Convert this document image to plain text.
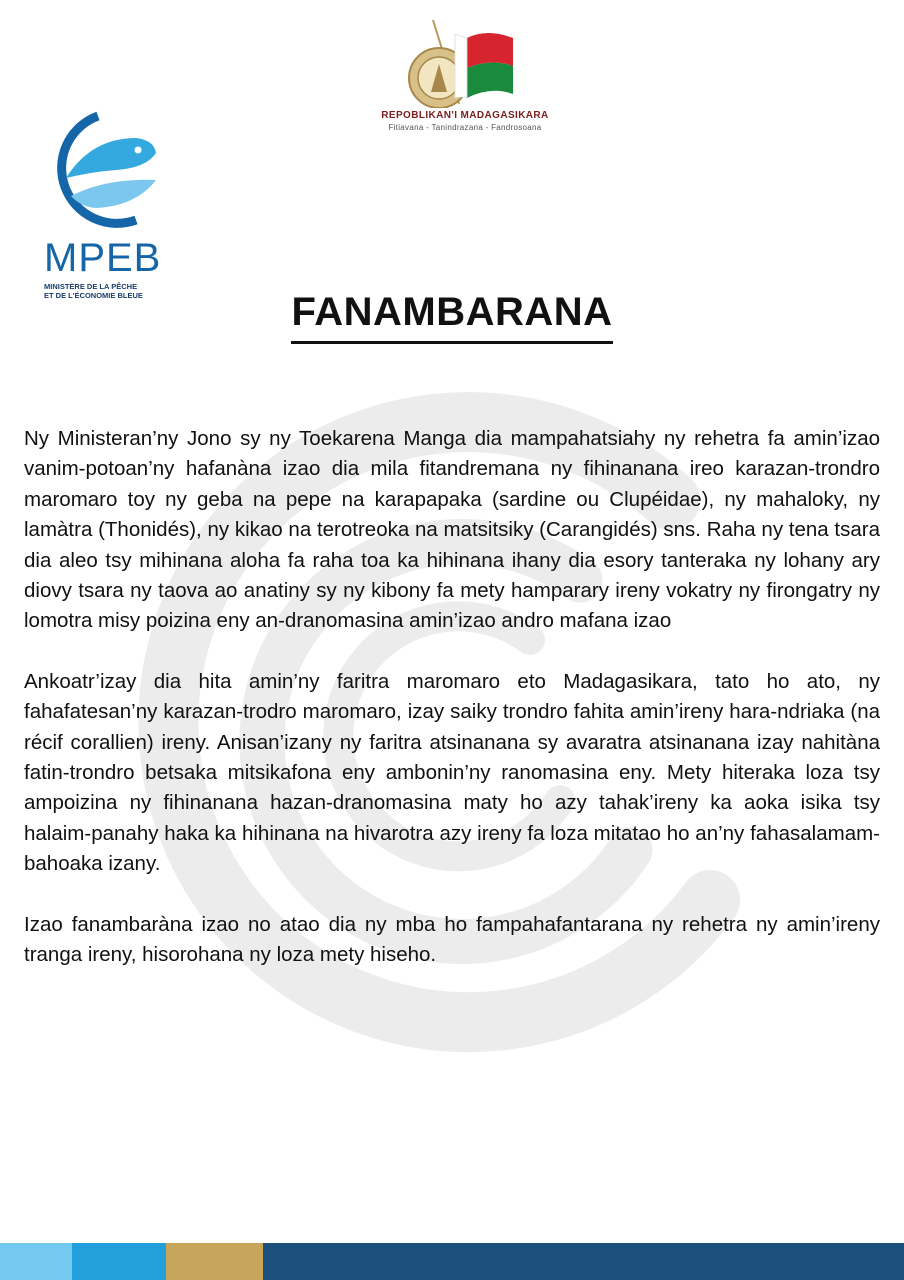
MPEB
MINISTÈRE DE LA PÊCHE
ET DE L'ÉCONOMIE BLEUE
REPOBLIKAN'I MADAGASIKARA
Fitiavana - Tanindrazana - Fandrosoana
FANAMBARANA

Ny Ministeran’ny Jono sy ny Toekarena Manga dia mampahatsiahy ny rehetra fa amin’izao vanim-potoan’ny hafanàna izao dia mila fitandremana ny fihinanana ireo karazan-trondro maromaro toy ny geba na pepe na karapapaka (sardine ou Clupéidae), ny mahaloky, ny lamàtra (Thonidés), ny kikao na terotreoka na matsitsiky (Carangidés) sns. Raha ny tena tsara dia aleo tsy mihinana aloha fa raha toa ka hihinana ihany dia esory tanteraka ny lohany ary diovy tsara ny taova ao anatiny sy ny kibony fa mety hamparary ireny vokatry ny firongatry ny lomotra misy poizina eny an-dranomasina amin’izao andro mafana izao

Ankoatr’izay dia hita amin’ny faritra maromaro eto Madagasikara, tato ho ato, ny fahafatesan’ny karazan-trodro maromaro, izay saiky trondro fahita amin’ireny hara-ndriaka (na récif corallien) ireny. Anisan’izany ny faritra atsinanana sy avaratra atsinanana izay nahitàna fatin-trondro betsaka mitsikafona eny ambonin’ny ranomasina eny. Mety hiteraka loza tsy ampoizina ny fihinanana hazan-dranomasina maty ho azy tahak’ireny ka aoka isika tsy halaim-panahy haka ka hihinana na hivarotra azy ireny fa loza mitatao ho an’ny fahasalamam-bahoaka izany.

Izao fanambaràna izao no atao dia ny mba ho fampahafantarana ny rehetra ny amin’ireny tranga ireny, hisorohana ny loza mety hiseho.
